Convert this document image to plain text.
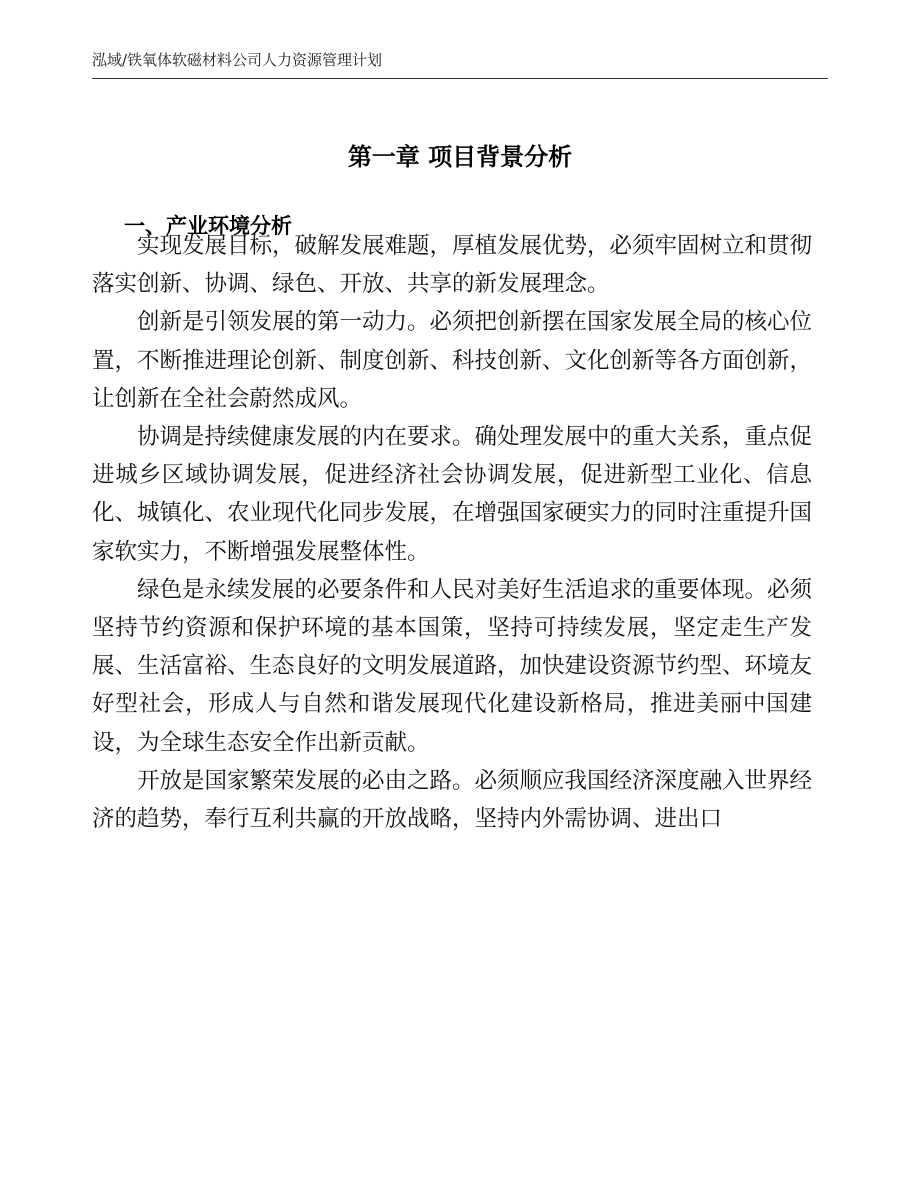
泓域/铁氧体软磁材料公司人力资源管理计划
第一章 项目背景分析
一、产业环境分析

实现发展目标，破解发展难题，厚植发展优势，必须牢固树立和贯彻落实创新、协调、绿色、开放、共享的新发展理念。

创新是引领发展的第一动力。必须把创新摆在国家发展全局的核心位置，不断推进理论创新、制度创新、科技创新、文化创新等各方面创新，让创新在全社会蔚然成风。

协调是持续健康发展的内在要求。确处理发展中的重大关系，重点促进城乡区域协调发展，促进经济社会协调发展，促进新型工业化、信息化、城镇化、农业现代化同步发展，在增强国家硬实力的同时注重提升国家软实力，不断增强发展整体性。

绿色是永续发展的必要条件和人民对美好生活追求的重要体现。必须坚持节约资源和保护环境的基本国策，坚持可持续发展，坚定走生产发展、生活富裕、生态良好的文明发展道路，加快建设资源节约型、环境友好型社会，形成人与自然和谐发展现代化建设新格局，推进美丽中国建设，为全球生态安全作出新贡献。

开放是国家繁荣发展的必由之路。必须顺应我国经济深度融入世界经济的趋势，奉行互利共赢的开放战略，坚持内外需协调、进出口
